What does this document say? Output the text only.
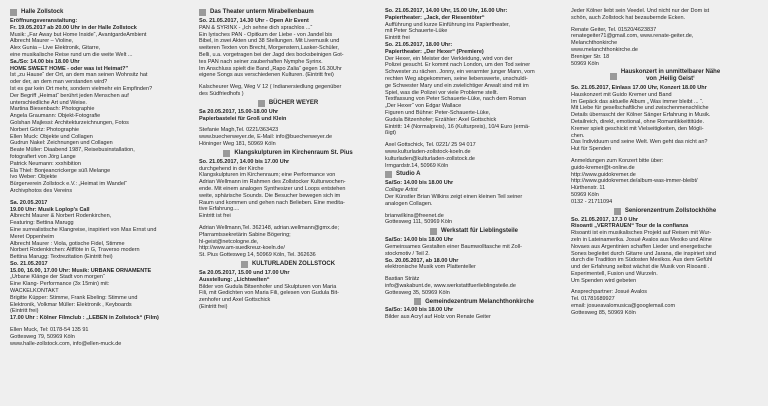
Halle Zollstock

Eröffnungsveranstaltung:

Fr. 19.05.2017 ab 20.00 Uhr in der Halle Zollstock

Musik: „Far Away but Home Inside“, AvantgardeAmbient

Albrecht Maurer – Violine,

Alex Gunia – Live Elektronik, Gitarre,

eine musikalische Reise rund um die weite Welt ...

Sa./So: 14.00 bis 18.00 Uhr

HOME SWEET HOME - oder was ist Heimat?"

Ist „zu Hause“ der Ort, an dem man seinen Wohnsitz hat

oder der, an dem man verstanden wird?

Ist es gar kein Ort mehr, sondern vielmehr ein Empfinden?

Der Begriff „Heimat“ berührt jeden Menschen auf

unterschiedliche Art und Weise.

Martina Biesenbach: Photographie

Angela Graumann: Objekt-Fotografie

Golshan Majlessi: Architekturzeichnungen, Fotos

Norbert Görtz: Photographie

Ellen Muck: Objekte und Collagen

Gudrun Nakel: Zeichnungen und Collagen

Beate Müller: Diaabend 1987, Reisebusinstallation,

fotografiert von Jörg Lange

Patrick Neumann: xxxhibition

Ela Thiel: Bonjeancrickerge süß Melange

Ivo Weber: Objekte

Bürgerverein Zollstock e.V.: „Heimat im Wandel“

Archivphotos des Vereins

Sa. 20.05.2017

19.00 Uhr: Musik Loplop's Call

Albrecht Maurer & Norbert Rodenkirchen,

Featuring: Bettina Marugg

Eine surrealistische Klangreise, inspiriert von Max Ernst und

Meret Oppenheim

Albrecht Maurer : Viola, gotische Fidel, Stimme

Norbert Rodenkirchen: Altflöte in G, Traverso modern

Bettina Marugg: Textrezitation (Eintritt frei)

So. 21.05.2017

15.00, 16.00, 17.00 Uhr: Musik: URBANE ORNAMENTE

„Urbane Klänge der Stadt von morgen“

Eine Klang- Performance (3x 15min) mit:

WACKELKONTAKT

Brigitte Küpper: Stimme, Frank Ebeling: Stimme und

Elektronik, Volkmar Müller: Elektronik , Keyboards

(Eintritt frei)

17.00 Uhr : Kölner Filmclub : „LEBEN in Zollstock“ (Film)

Ellen Muck, Tel: 0178-54 135 91

Gottesweg 79, 50969 Köln

www.halle-zollstock.com, info@ellen-muck.de

Das Theater unterm Mirabellenbaum

So. 21.05.2017, 14.30 Uhr - Open Air Event

PAN & SYRINX - „Ich sehne dich sprachlos ...“

Ein lyrisches PAN - Opitkum der Liebe - von Jandel bis

Bibel, in zwei Akten und 38 Stellungen. Mit Livemusik und

weiteren Texten von Brecht, Morgenstern,Lasker-Schüler,

Belli, u.a. vorgetragen bei der Jagd des bocksbeinigen Got-

tes PAN nach seiner zauberhaften Nymphe Syrinx.

Im Anschluss spielt die Band „Rapo Zalia“ gegen 16.30Uhr

eigene Songs aus verschiedenen Kulturen. (Eintritt frei)

Kalscheurer Weg, Weg V 12 ( Indianersiedlung gegenüber

des Südfriedhofs )

BÜCHER WEYER

Sa 20.05.2017, 15.00-18.00 Uhr

Papierbastelei für Groß und Klein

Stefanie Magh,Tel. 0221/363423

www.buecherweyer.de, E-Mail: info@buecherweyer.de

Höninger Weg 181, 50969 Köln

Klangskulpturen im Kirchenraum St. Pius

So. 21.05.2017, 14.00 bis 17.00 Uhr

durchgehend in der Kirche

Klangskulpturen im Kirchenraum; eine Performance von

Adrian Wellmann im Rahmen des Zollstocker Kulturwochen-

ende. Mit einem analogen Synthesizer und Loops entstehen

weite, sphärische Sounds. Die Besucher bewegen sich im

Raum und kommen und gehen nach Belieben. Eine medita-

tive Erfahrung....

Eintritt ist frei

Adrian Wellmann,Tel. 362148, adrian.wellmann@gmx.de;

Pfarramtssekretärin Sabine Bögering;

hl-geist@netcologne.de,

http://www.am-suedkreuz-koeln.de/

St. Pius Gottesweg 14, 50969 Köln, Tel. 362636

KULTURLADEN ZOLLSTOCK

Sa 20.05.2017, 15.00 und 17.00 Uhr

Ausstellung: „Lichtwelten“

Bilder von Gudula Bitsenhofer und Skulpturen von Maria

Fili, mit Gedichten von Maria Fili, gelesen von Gudula Bit-

zenhofer und Axel Gottschick

(Eintritt frei)

So. 21.05.2017, 14.00 Uhr, 15.00 Uhr, 16.00 Uhr:

Papiertheater: „Jack, der Riesentöter“

Aufführung und kurze Einführung ins Papiertheater,

mit Peter Schauerte-Lüke

Eintritt frei

So. 21.05.2017, 18.00 Uhr:

Papiertheater: „Der Hexer“ (Premiere)

Der Hexer, ein Meister der Verkleidung, wird von der

Polizei gesucht. Er kommt nach London, um den Tod seiner

Schwester zu rächen. Jonny, ein verarmter junger Mann, vom

rechten Weg abgekommen, seine liebenswerte, unschuldi-

ge Schwester Mary und ein zwielichtiger Anwalt sind mit im

Spiel, was die Polizei vor viele Probleme stellt.

Textfassung von Peter Schauerte-Lüke, nach dem Roman

„Der Hexer“ von Edgar Wallace

Figuren und Bühne: Peter-Schauerte-Lüke,

Gudula Bitzenhofer; Erzähler: Axel Gottschick

Eintritt: 14 (Normalpreis), 16 (Kulturpreis), 10/4 Euro (ermä-

ßigt)

Axel Gottschick, Tel. 0221/ 25 94 017

www.kulturladen-zollstock-koeln.de

kulturladen@kulturladen-zollstock.de

Irmgardstr.14, 50969 Köln

Studio A

Sa/So: 14.00 bis 18.00 Uhr

Collage Artist

Der Künstler Brian Wilkins zeigt einen kleinen Teil seiner

analogen Collagen.

brianwilkins@freenet.de

Gottesweg 111, 50969 Köln

Werkstatt für Lieblingsteile

Sa/So: 14.00 bis 18.00 Uhr

Gemeinsames Gestalten einer Baumwolltasche mit Zoll-

stockmotiv / Teil 2.

So. 20.05.2017, ab 18.00 Uhr

elektronische Musik vom Plattenteller

Bastian Strätz

info@wakabunt.de, www.werkstattfuerlieblingsteile.de

Gottesweg 35, 50969 Köln

Gemeindezentrum Melanchthonkirche

Sa/So: 14.00 bis 18.00 Uhr

Bilder aus Acryl auf Holz von Renate Geiter

Jeder Kölner liebt sein Veedel. Und nicht nur der Dom ist

schön, auch Zollstock hat bezaubernde Ecken.

Renate Geiter, Tel. 01520/4623837

renategeiter71@gmail.com, www.renate-geiter.de,

Melanchthonkirche

www.melanchthonkirche.de

Breniger Str. 18

50969 Köln

Hauskonzert in unmittelbarer Nähe
von ‚Heilig Geist‘

So. 21.05.2017, Einlass 17.00 Uhr, Konzert 18.00 Uhr

Hauskonzert mit Guido Kremer und Band

Im Gepäck das aktuelle Album „ Was immer bleibt ... “.

Mit Liebe für gesellschaftliche und zwischenmenschliche

Details überrascht der Kölner Sänger Erfahrung in Musik.

Detailreich, direkt, emotional, ohne Romantikkeittitüde.

Kremer spielt geschickt mit Vielseitigkeiten, den Mögli-

chen.

Das Individuum und seine Welt. Wen geht das nicht an?

Hut für Spenden

Anmeldungen zum Konzert bitte über:

guido-kremer@t-online.de

http://www.guidokremer.de

http://www.guidokremer.de/album-was-immer-bleibt/

Hürthenstr. 11

50969 Köln

0132 - 21711094

Seniorenzentrum Zollstockhöhe

So. 21.05.2017, 17.3 0 Uhr

Risoanti „VERTRAUEN“ Tour de la confianza

Risoanti ist ein musikalisches Projekt auf Reisen mit Wur-

zeln in Lateinamerika. Josué Avalos aus Mexiko und Aline

Novaes aus Argentinien schaffen Lieder und energetische

Sones begleitet durch Gitarre und Jarana, die inspiriert sind

durch die Tradition im Südosten Mexikos. Aus dem Gefühl

und der Erfahrung selbst wächst die Musik von Risoanti .

Experimentell, Fusion und Wurzeln.

Um Spenden wird gebeten

Ansprechpartner: Josué Avalos

Tel. 01781689927

email: josueavalomusica@googlemail.com

Gottesweg 85, 50969 Köln
